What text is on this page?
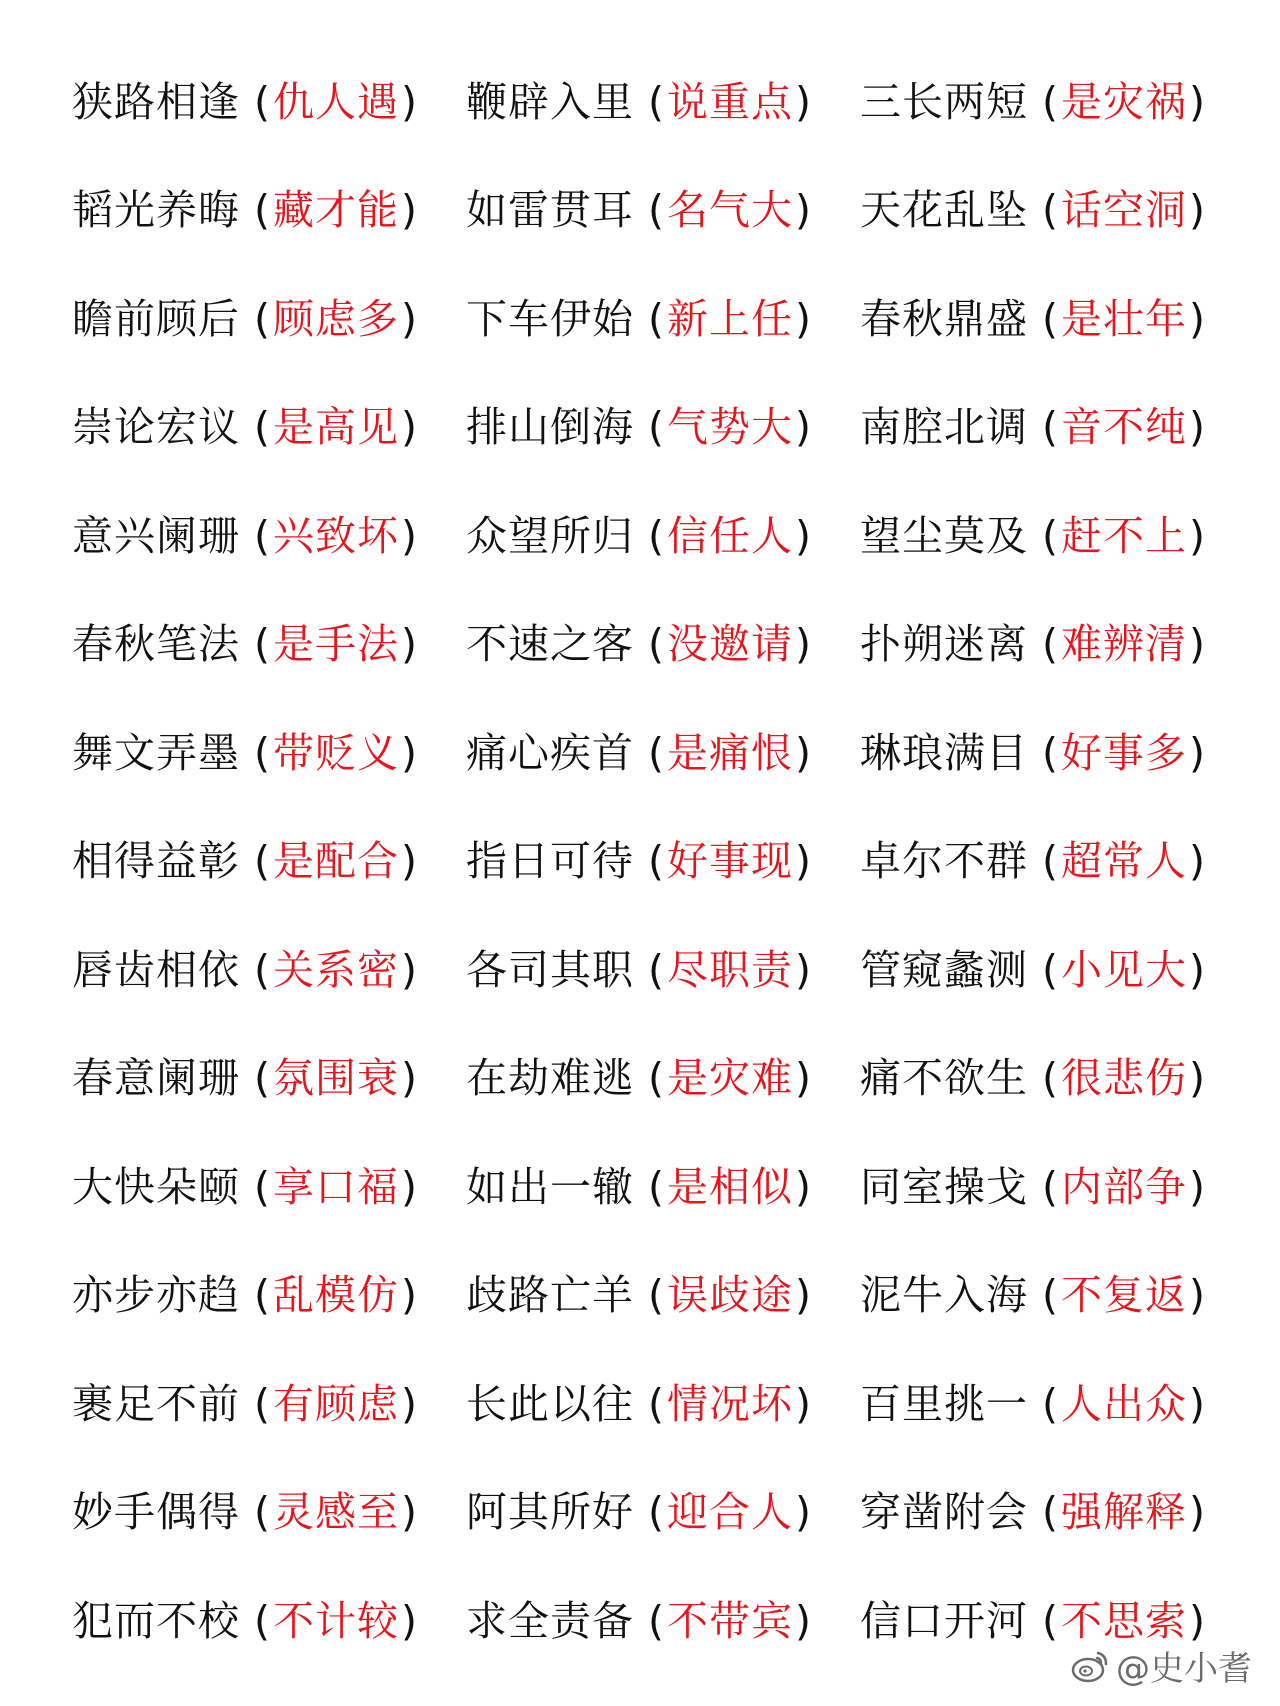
狭路相逢 ( 仇人遇 ) 鞭辟入里 ( 说重点 ) 三长两短 ( 是灾祸 )
韬光养晦 ( 藏才能 ) 如雷贯耳 ( 名气大 ) 天花乱坠 ( 话空洞 )
瞻前顾后 ( 顾虑多 ) 下车伊始 ( 新上任 ) 春秋鼎盛 ( 是壮年 )
崇论宏议 ( 是高见 ) 排山倒海 ( 气势大 ) 南腔北调 ( 音不纯 )
意兴阑珊 ( 兴致坏 ) 众望所归 ( 信任人 ) 望尘莫及 ( 赶不上 )
春秋笔法 ( 是手法 ) 不速之客 ( 没邀请 ) 扑朔迷离 ( 难辨清 )
舞文弄墨 ( 带贬义 ) 痛心疾首 ( 是痛恨 ) 琳琅满目 ( 好事多 )
相得益彰 ( 是配合 ) 指日可待 ( 好事现 ) 卓尔不群 ( 超常人 )
唇齿相依 ( 关系密 ) 各司其职 ( 尽职责 ) 管窥蠡测 ( 小见大 )
春意阑珊 ( 氛围衰 ) 在劫难逃 ( 是灾难 ) 痛不欲生 ( 很悲伤 )
大快朵颐 ( 享口福 ) 如出一辙 ( 是相似 ) 同室操戈 ( 内部争 )
亦步亦趋 ( 乱模仿 ) 歧路亡羊 ( 误歧途 ) 泥牛入海 ( 不复返 )
裹足不前 ( 有顾虑 ) 长此以往 ( 情况坏 ) 百里挑一 ( 人出众 )
妙手偶得 ( 灵感至 ) 阿其所好 ( 迎合人 ) 穿凿附会 ( 强解释 )
犯而不校 ( 不计较 ) 求全责备 ( 不带宾 ) 信口开河 ( 不思索 )
@史小耆
